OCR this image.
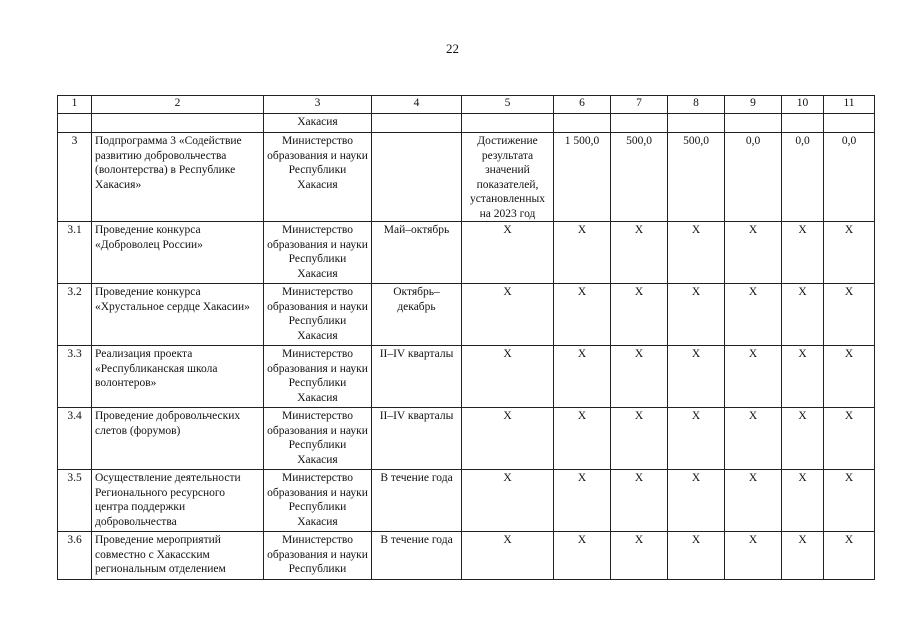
22
1	2	3	4	5	6	7	8	9	10	11
		Хакасия								
3	Подпрограмма 3 «Содействие развитию добровольчества (волонтерства) в Республике Хакасия»	Министерство образования и науки Республики Хакасия		Достижение результата значений показателей, установленных на 2023 год	1 500,0	500,0	500,0	0,0	0,0	0,0
3.1	Проведение конкурса «Доброволец России»	Министерство образования и науки Республики Хакасия	Май–октябрь	X	X	X	X	X	X	X
3.2	Проведение конкурса «Хрустальное сердце Хакасии»	Министерство образования и науки Республики Хакасия	Октябрь–декабрь	X	X	X	X	X	X	X
3.3	Реализация проекта «Республиканская школа волонтеров»	Министерство образования и науки Республики Хакасия	II–IV кварталы	X	X	X	X	X	X	X
3.4	Проведение добровольческих слетов (форумов)	Министерство образования и науки Республики Хакасия	II–IV кварталы	X	X	X	X	X	X	X
3.5	Осуществление деятельности Регионального ресурсного центра поддержки добровольчества	Министерство образования и науки Республики Хакасия	В течение года	X	X	X	X	X	X	X
3.6	Проведение мероприятий совместно с Хакасским региональным отделением	Министерство образования и науки Республики	В течение года	X	X	X	X	X	X	X
